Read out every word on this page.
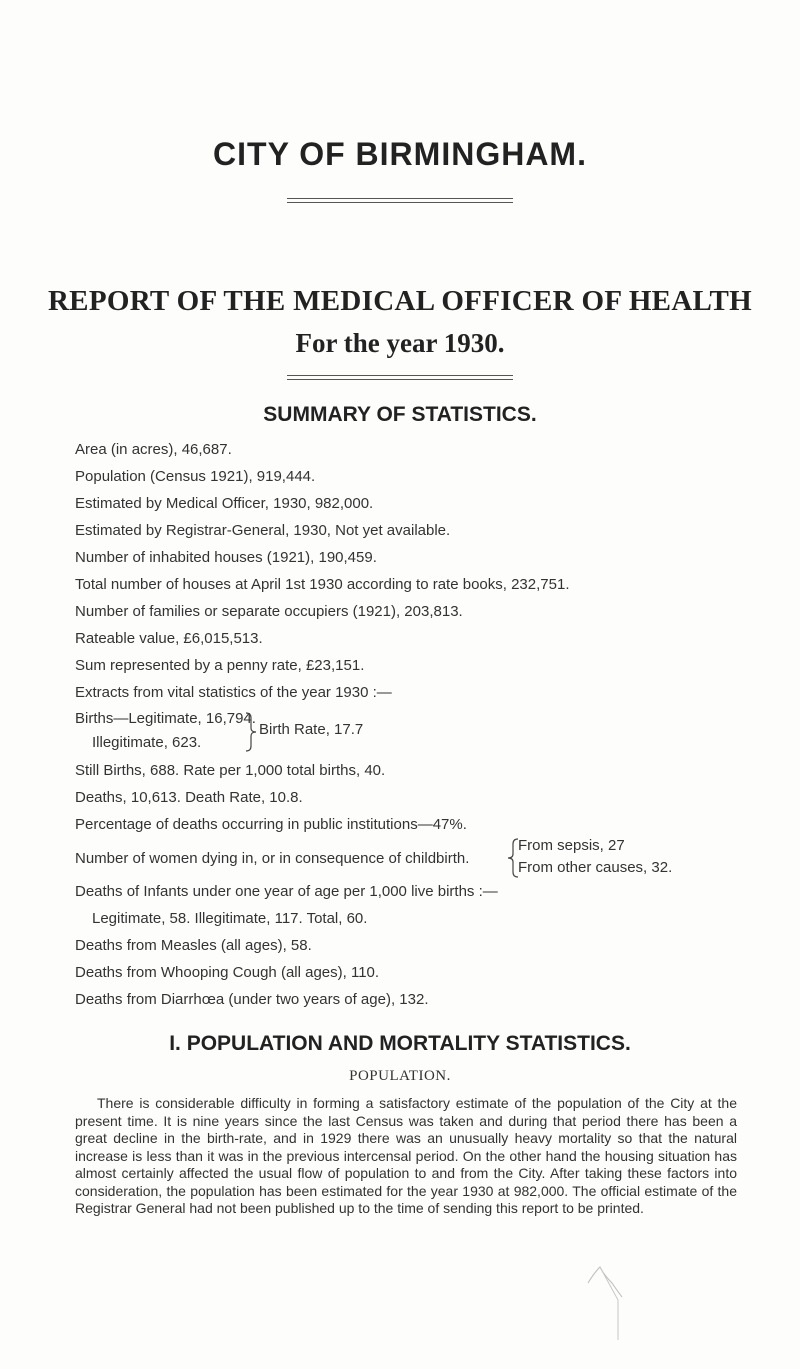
CITY OF BIRMINGHAM.
REPORT OF THE MEDICAL OFFICER OF HEALTH
For the year 1930.
SUMMARY OF STATISTICS.
Area (in acres), 46,687.
Population (Census 1921), 919,444.
Estimated by Medical Officer, 1930, 982,000.
Estimated by Registrar-General, 1930, Not yet available.
Number of inhabited houses (1921), 190,459.
Total number of houses at April 1st 1930 according to rate books, 232,751.
Number of families or separate occupiers (1921), 203,813.
Rateable value, £6,015,513.
Sum represented by a penny rate, £23,151.
Extracts from vital statistics of the year 1930 :—
Births—Legitimate, 16,794.
Illegitimate, 623.
Birth Rate, 17.7
Still Births, 688. Rate per 1,000 total births, 40.
Deaths, 10,613. Death Rate, 10.8.
Percentage of deaths occurring in public institutions—47%.
Number of women dying in, or in consequence of childbirth.
From sepsis, 27
From other causes, 32.
Deaths of Infants under one year of age per 1,000 live births :—
Legitimate, 58. Illegitimate, 117. Total, 60.
Deaths from Measles (all ages), 58.
Deaths from Whooping Cough (all ages), 110.
Deaths from Diarrhœa (under two years of age), 132.
I. POPULATION AND MORTALITY STATISTICS.
POPULATION.
There is considerable difficulty in forming a satisfactory estimate of the population of the City at the present time. It is nine years since the last Census was taken and during that period there has been a great decline in the birth-rate, and in 1929 there was an unusually heavy mortality so that the natural increase is less than it was in the previous intercensal period. On the other hand the housing situation has almost certainly affected the usual flow of population to and from the City. After taking these factors into consideration, the population has been estimated for the year 1930 at 982,000. The official estimate of the Registrar General had not been published up to the time of sending this report to be printed.
